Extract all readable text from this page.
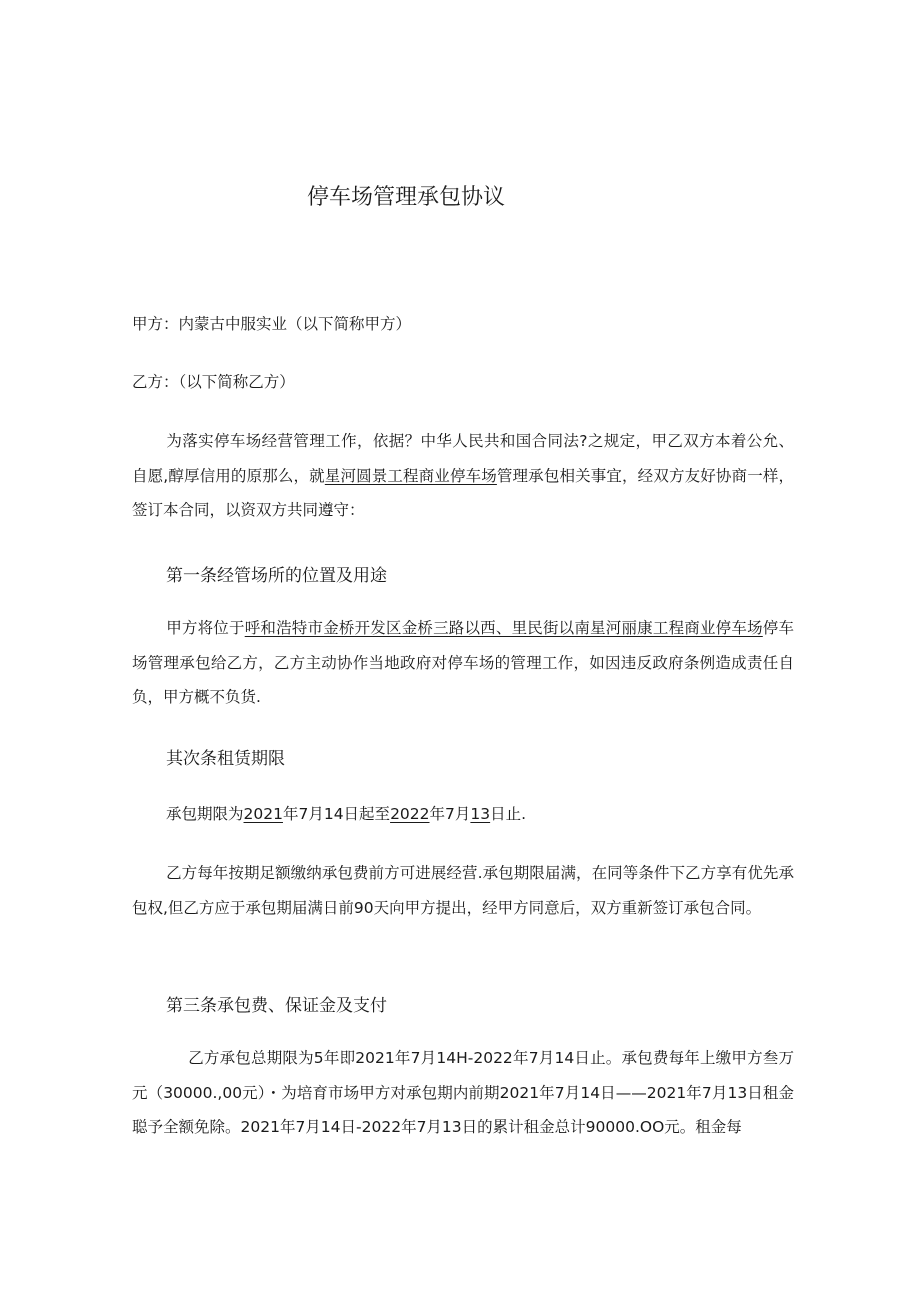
停车场管理承包协议
甲方：内蒙古中服实业（以下简称甲方）
乙方：（以下简称乙方）
为落实停车场经营管理工作，依据？中华人民共和国合同法?之规定，甲乙双方本着公允、自愿,醇厚信用的原那么，就星河圆景工程商业停车场管理承包相关事宜，经双方友好协商一样，签订本合同，以资双方共同遵守：
第一条经管场所的位置及用途
甲方将位于呼和浩特市金桥开发区金桥三路以西、里民街以南星河丽康工程商业停车场停车场管理承包给乙方，乙方主动协作当地政府对停车场的管理工作，如因违反政府条例造成责任自负，甲方概不负货.
其次条租赁期限
承包期限为2021年7月14日起至2022年7月13日止.
乙方每年按期足额缴纳承包费前方可进展经营.承包期限届满，在同等条件下乙方享有优先承包权,但乙方应于承包期届满日前90天向甲方提出，经甲方同意后，双方重新签订承包合同。
第三条承包费、保证金及支付
乙方承包总期限为5年即2021年7月14H-2022年7月14日止。承包费每年上缴甲方叁万元（30000.,00元）・为培育市场甲方对承包期内前期2021年7月14日——2021年7月13日租金聪予全额免除。2021年7月14日-2022年7月13日的累计租金总计90000.OO元。租金每
